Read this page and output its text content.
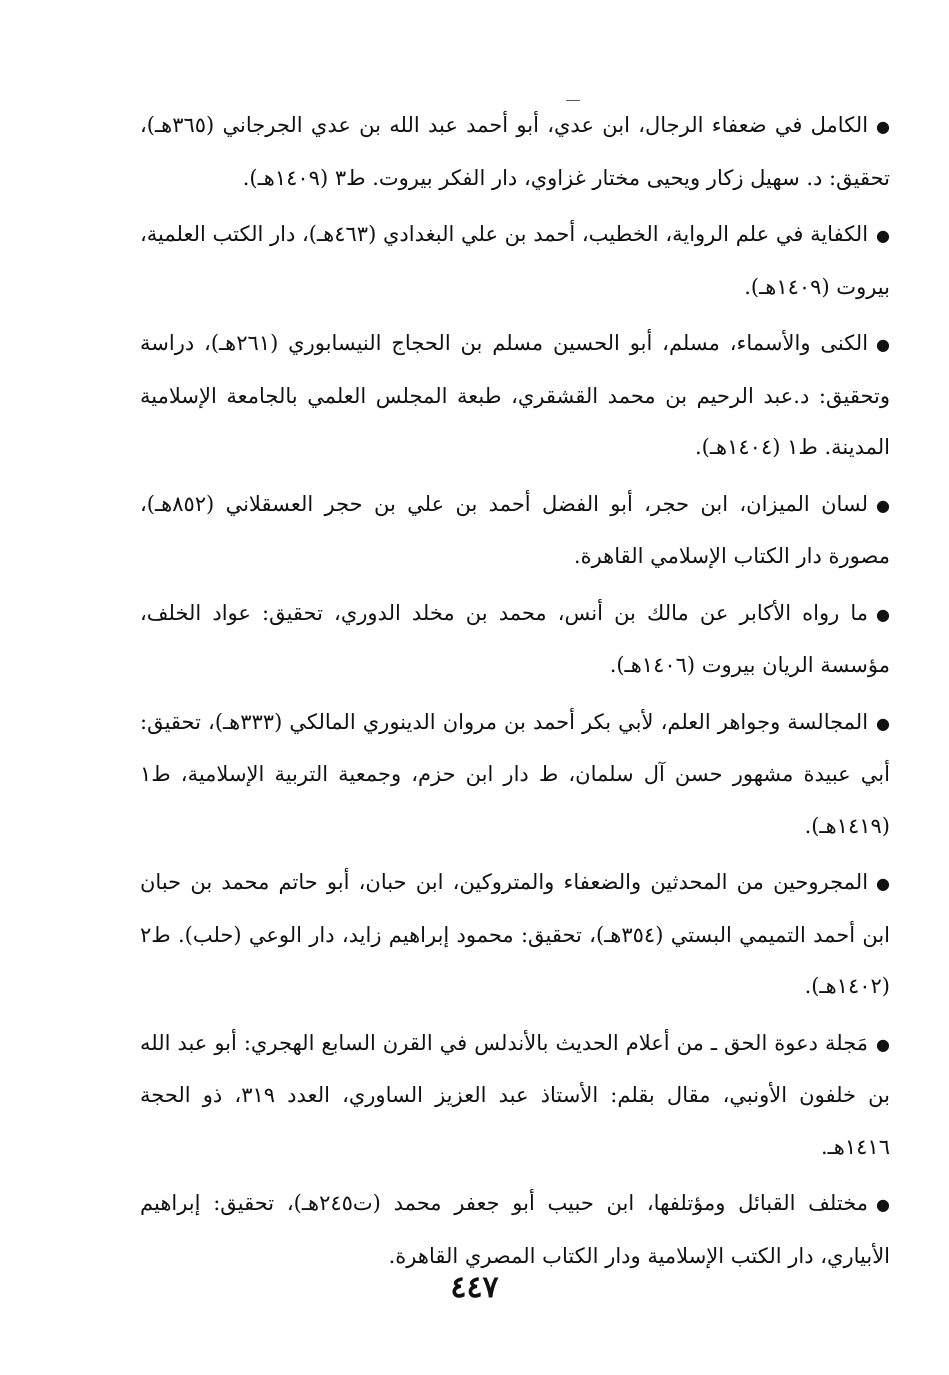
●الكامل في ضعفاء الرجال، ابن عدي، أبو أحمد عبد الله بن عدي الجرجاني (٣٦٥هـ)، تحقيق: د. سهيل زكار ويحيى مختار غزاوي، دار الفكر بيروت. ط٣ (١٤٠٩هـ).

●الكفاية في علم الرواية، الخطيب، أحمد بن علي البغدادي (٤٦٣هـ)، دار الكتب العلمية، بيروت (١٤٠٩هـ).

●الكنى والأسماء، مسلم، أبو الحسين مسلم بن الحجاج النيسابوري (٢٦١هـ)، دراسة وتحقيق: د.عبد الرحيم بن محمد القشقري، طبعة المجلس العلمي بالجامعة الإسلامية المدينة. ط١ (١٤٠٤هـ).

●لسان الميزان، ابن حجر، أبو الفضل أحمد بن علي بن حجر العسقلاني (٨٥٢هـ)، مصورة دار الكتاب الإسلامي القاهرة.

●ما رواه الأكابر عن مالك بن أنس، محمد بن مخلد الدوري، تحقيق: عواد الخلف، مؤسسة الريان بيروت (١٤٠٦هـ).

●المجالسة وجواهر العلم، لأبي بكر أحمد بن مروان الدينوري المالكي (٣٣٣هـ)، تحقيق: أبي عبيدة مشهور حسن آل سلمان، ط دار ابن حزم، وجمعية التربية الإسلامية، ط١ (١٤١٩هـ).

●المجروحين من المحدثين والضعفاء والمتروكين، ابن حبان، أبو حاتم محمد بن حبان ابن أحمد التميمي البستي (٣٥٤هـ)، تحقيق: محمود إبراهيم زايد، دار الوعي (حلب). ط٢ (١٤٠٢هـ).

●مَجلة دعوة الحق ـ من أعلام الحديث بالأندلس في القرن السابع الهجري: أبو عبد الله بن خلفون الأونبي، مقال بقلم: الأستاذ عبد العزيز الساوري، العدد ٣١٩، ذو الحجة ١٤١٦هـ.

●مختلف القبائل ومؤتلفها، ابن حبيب أبو جعفر محمد (ت٢٤٥هـ)، تحقيق: إبراهيم الأبياري، دار الكتب الإسلامية ودار الكتاب المصري القاهرة.

٤٤٧
